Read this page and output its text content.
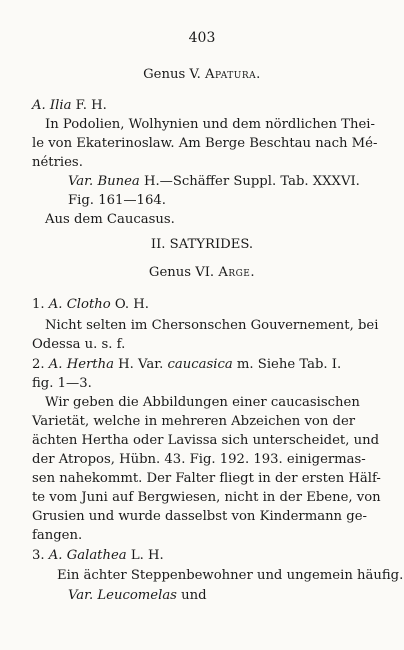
403
Genus V. Apatura.
A. Ilia F. H.
In Podolien, Wolhynien und dem nördlichen Thei-
le von Ekaterinoslaw. Am Berge Beschtau nach Mé-
nétries.
Var. Bunea H.—Schäffer Suppl. Tab. XXXVI.
Fig. 161—164.
Aus dem Caucasus.
II. SATYRIDES.
Genus VI. Arge.
1. A. Clotho O. H.
Nicht selten im Chersonschen Gouvernement, bei
Odessa u. s. f.
2. A. Hertha H. Var. caucasica m. Siehe Tab. I.
fig. 1—3.
Wir geben die Abbildungen einer caucasischen
Varietät, welche in mehreren Abzeichen von der
ächten Hertha oder Lavissa sich unterscheidet, und
der Atropos, Hübn. 43. Fig. 192. 193. einigermas-
sen nahekommt. Der Falter fliegt in der ersten Hälf-
te vom Juni auf Bergwiesen, nicht in der Ebene, von
Grusien und wurde dasselbst von Kindermann ge-
fangen.
3. A. Galathea L. H.
Ein ächter Steppenbewohner und ungemein häufig.
Var. Leucomelas und
